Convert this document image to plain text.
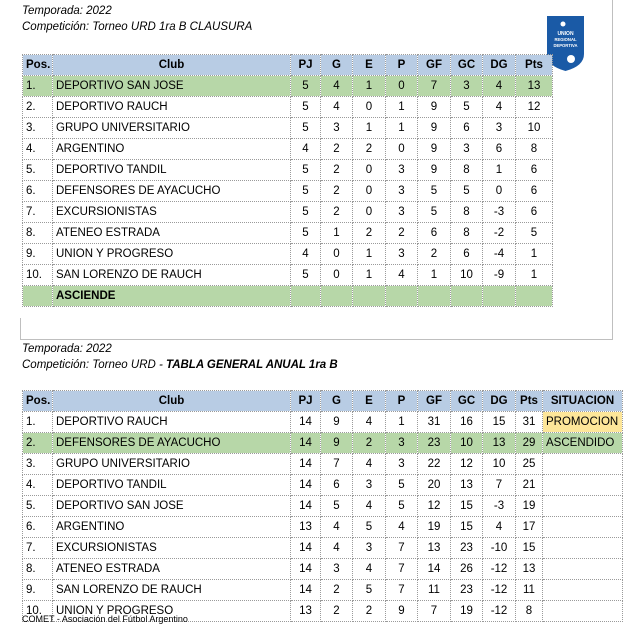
Temporada: 2022
Competición: Torneo URD 1ra B CLAUSURA
UNION
REGIONAL
DEPORTIVA
Pos.	Club	PJ	G	E	P	GF	GC	DG	Pts
1.	DEPORTIVO SAN JOSE	5	4	1	0	7	3	4	13
2.	DEPORTIVO RAUCH	5	4	0	1	9	5	4	12
3.	GRUPO UNIVERSITARIO	5	3	1	1	9	6	3	10
4.	ARGENTINO	4	2	2	0	9	3	6	8
5.	DEPORTIVO TANDIL	5	2	0	3	9	8	1	6
6.	DEFENSORES DE AYACUCHO	5	2	0	3	5	5	0	6
7.	EXCURSIONISTAS	5	2	0	3	5	8	-3	6
8.	ATENEO ESTRADA	5	1	2	2	6	8	-2	5
9.	UNION Y PROGRESO	4	0	1	3	2	6	-4	1
10.	SAN LORENZO DE RAUCH	5	0	1	4	1	10	-9	1
	ASCIENDE								
Temporada: 2022
Competición: Torneo URD - TABLA GENERAL ANUAL 1ra B
Pos.	Club	PJ	G	E	P	GF	GC	DG	Pts	SITUACION
1.	DEPORTIVO RAUCH	14	9	4	1	31	16	15	31	PROMOCION
2.	DEFENSORES DE AYACUCHO	14	9	2	3	23	10	13	29	ASCENDIDO
3.	GRUPO UNIVERSITARIO	14	7	4	3	22	12	10	25	
4.	DEPORTIVO TANDIL	14	6	3	5	20	13	7	21	
5.	DEPORTIVO SAN JOSE	14	5	4	5	12	15	-3	19	
6.	ARGENTINO	13	4	5	4	19	15	4	17	
7.	EXCURSIONISTAS	14	4	3	7	13	23	-10	15	
8.	ATENEO ESTRADA	14	3	4	7	14	26	-12	13	
9.	SAN LORENZO DE RAUCH	14	2	5	7	11	23	-12	11	
10.	UNION Y PROGRESO	13	2	2	9	7	19	-12	8	
COMET - Asociación del Fútbol Argentino
